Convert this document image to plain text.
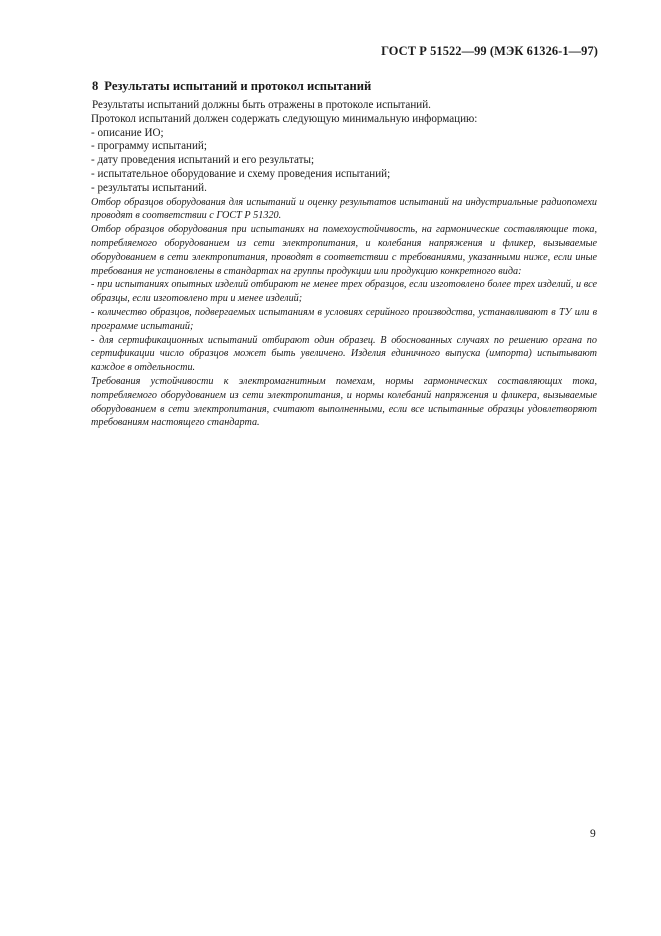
ГОСТ Р 51522—99 (МЭК 61326-1—97)
8 Результаты испытаний и протокол испытаний
Результаты испытаний должны быть отражены в протоколе испытаний.
Протокол испытаний должен содержать следующую минимальную информацию:
- описание ИО;
- программу испытаний;
- дату проведения испытаний и его результаты;
- испытательное оборудование и схему проведения испытаний;
- результаты испытаний.
Отбор образцов оборудования для испытаний и оценку результатов испытаний на индустриальные радиопомехи проводят в соответствии с ГОСТ Р 51320.
Отбор образцов оборудования при испытаниях на помехоустойчивость, на гармонические составляющие тока, потребляемого оборудованием из сети электропитания, и колебания напряжения и фликер, вызываемые оборудованием в сети электропитания, проводят в соответствии с требованиями, указанными ниже, если иные требования не установлены в стандартах на группы продукции или продукцию конкретного вида:
- при испытаниях опытных изделий отбирают не менее трех образцов, если изготовлено более трех изделий, и все образцы, если изготовлено три и менее изделий;
- количество образцов, подвергаемых испытаниям в условиях серийного производства, устанавливают в ТУ или в программе испытаний;
- для сертификационных испытаний отбирают один образец. В обоснованных случаях по решению органа по сертификации число образцов может быть увеличено. Изделия единичного выпуска (импорта) испытывают каждое в отдельности.
Требования устойчивости к электромагнитным помехам, нормы гармонических составляющих тока, потребляемого оборудованием из сети электропитания, и нормы колебаний напряжения и фликера, вызываемые оборудованием в сети электропитания, считают выполненными, если все испытанные образцы удовлетворяют требованиям настоящего стандарта.
9
